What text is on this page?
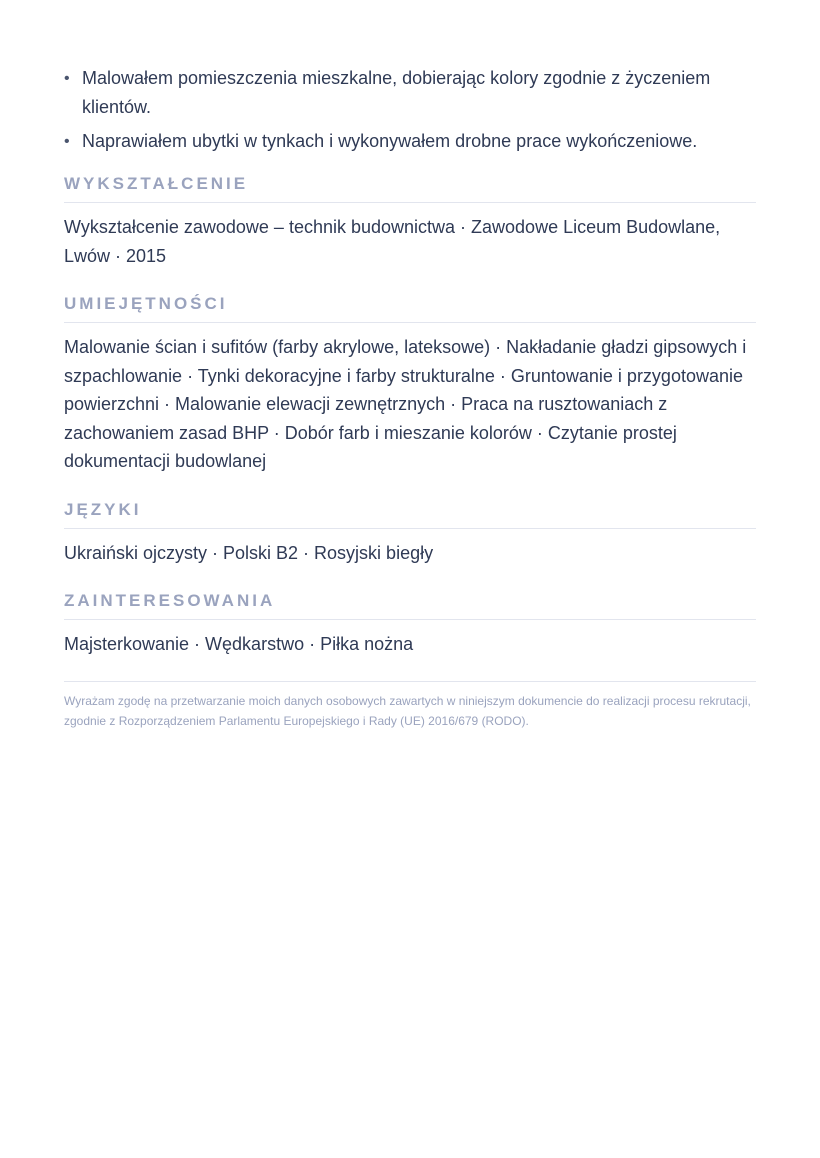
• Malowałem pomieszczenia mieszkalne, dobierając kolory zgodnie z życzeniem klientów.
• Naprawiałem ubytki w tynkach i wykonywałem drobne prace wykończeniowe.
WYKSZTAŁCENIE

Wykształcenie zawodowe – technik budownictwa · Zawodowe Liceum Budowlane, Lwów · 2015

UMIEJĘTNOŚCI

Malowanie ścian i sufitów (farby akrylowe, lateksowe) · Nakładanie gładzi gipsowych i szpachlowanie · Tynki dekoracyjne i farby strukturalne · Gruntowanie i przygotowanie powierzchni · Malowanie elewacji zewnętrznych · Praca na rusztowaniach z zachowaniem zasad BHP · Dobór farb i mieszanie kolorów · Czytanie prostej dokumentacji budowlanej

JĘZYKI

Ukraiński ojczysty · Polski B2 · Rosyjski biegły

ZAINTERESOWANIA

Majsterkowanie · Wędkarstwo · Piłka nożna

Wyrażam zgodę na przetwarzanie moich danych osobowych zawartych w niniejszym dokumencie do realizacji procesu rekrutacji, zgodnie z Rozporządzeniem Parlamentu Europejskiego i Rady (UE) 2016/679 (RODO).
